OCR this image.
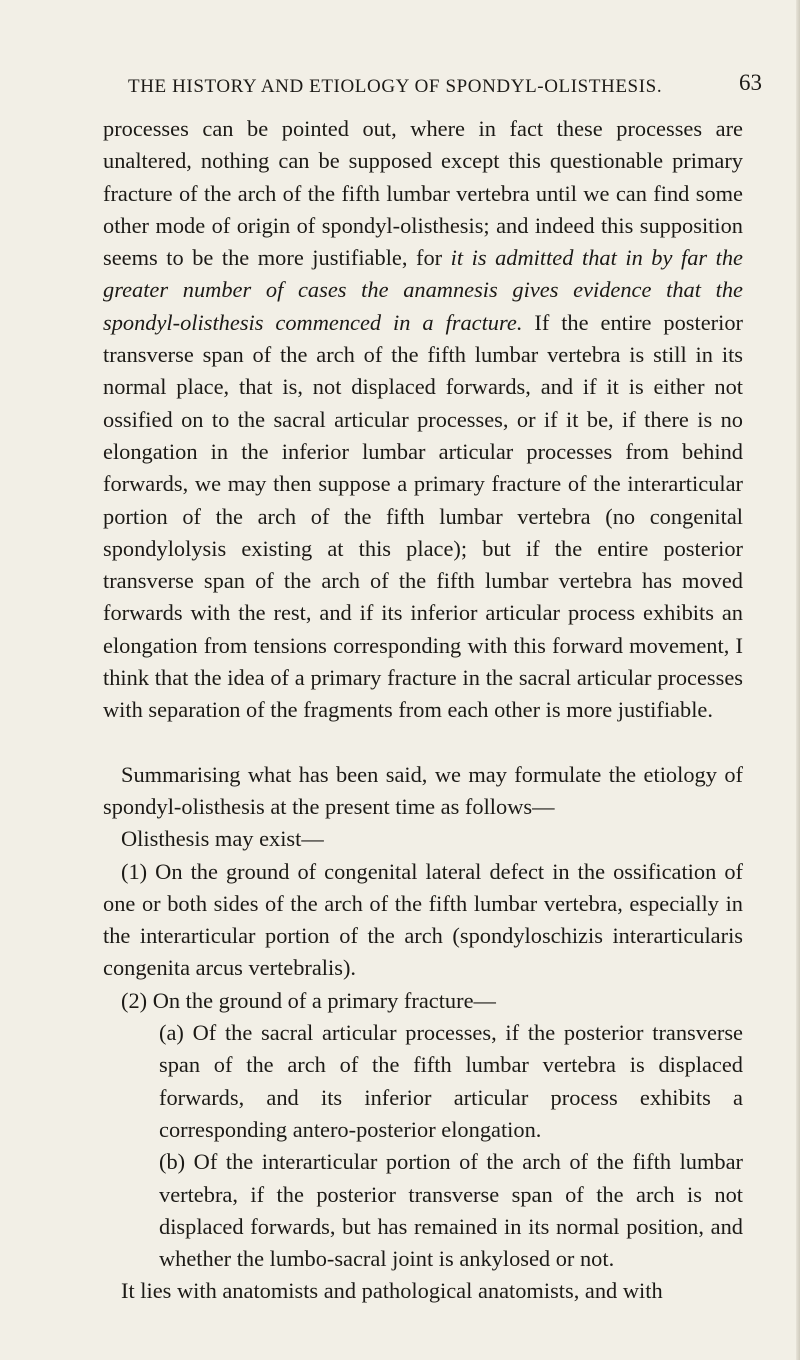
THE HISTORY AND ETIOLOGY OF SPONDYL-OLISTHESIS.	63

processes can be pointed out, where in fact these processes are unaltered, nothing can be supposed except this questionable primary fracture of the arch of the fifth lumbar vertebra until we can find some other mode of origin of spondyl-olisthesis; and indeed this supposition seems to be the more justifiable, for it is admitted that in by far the greater number of cases the anamnesis gives evidence that the spondyl-olisthesis commenced in a fracture. If the entire posterior transverse span of the arch of the fifth lumbar vertebra is still in its normal place, that is, not displaced forwards, and if it is either not ossified on to the sacral articular processes, or if it be, if there is no elongation in the inferior lumbar articular processes from behind forwards, we may then suppose a primary fracture of the interarticular portion of the arch of the fifth lumbar vertebra (no congenital spondylolysis existing at this place); but if the entire posterior transverse span of the arch of the fifth lumbar vertebra has moved forwards with the rest, and if its inferior articular process exhibits an elongation from tensions corresponding with this forward movement, I think that the idea of a primary fracture in the sacral articular processes with separation of the fragments from each other is more justifiable.

Summarising what has been said, we may formulate the etiology of spondyl-olisthesis at the present time as follows—

Olisthesis may exist—

(1) On the ground of congenital lateral defect in the ossification of one or both sides of the arch of the fifth lumbar vertebra, especially in the interarticular portion of the arch (spondyloschizis interarticularis congenita arcus vertebralis).

(2) On the ground of a primary fracture—

(a) Of the sacral articular processes, if the posterior transverse span of the arch of the fifth lumbar vertebra is displaced forwards, and its inferior articular process exhibits a corresponding antero-posterior elongation.

(b) Of the interarticular portion of the arch of the fifth lumbar vertebra, if the posterior transverse span of the arch is not displaced forwards, but has remained in its normal position, and whether the lumbo-sacral joint is ankylosed or not.

It lies with anatomists and pathological anatomists, and with
